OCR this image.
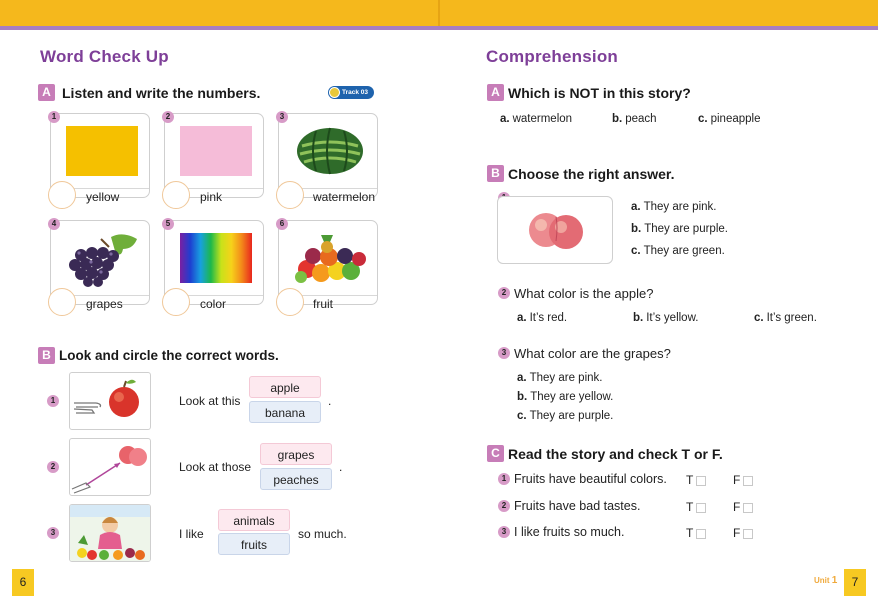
Word Check Up
A Listen and write the numbers.	Track 03
1
yellow
2
pink
3
watermelon
4
grapes
5
color
6
fruit
B Look and circle the correct words.
1	Look at this
apple
banana
.
2	Look at those
grapes
peaches
.
3	I like
animals
fruits
so much.
6
Comprehension
A Which is NOT in this story?
a. watermelon	b. peach	c. pineapple
B Choose the right answer.
a. They are pink.
b. They are purple.
c. They are green.
2 What color is the apple?
a. It’s red.	b. It’s yellow.	c. It’s green.
3 What color are the grapes?
a. They are pink.
b. They are yellow.
c. They are purple.
C Read the story and check T or F.
1 Fruits have beautiful colors. T	F
2 Fruits have bad tastes.	T	F
3 I like fruits so much.	T	F
Unit 1	7
